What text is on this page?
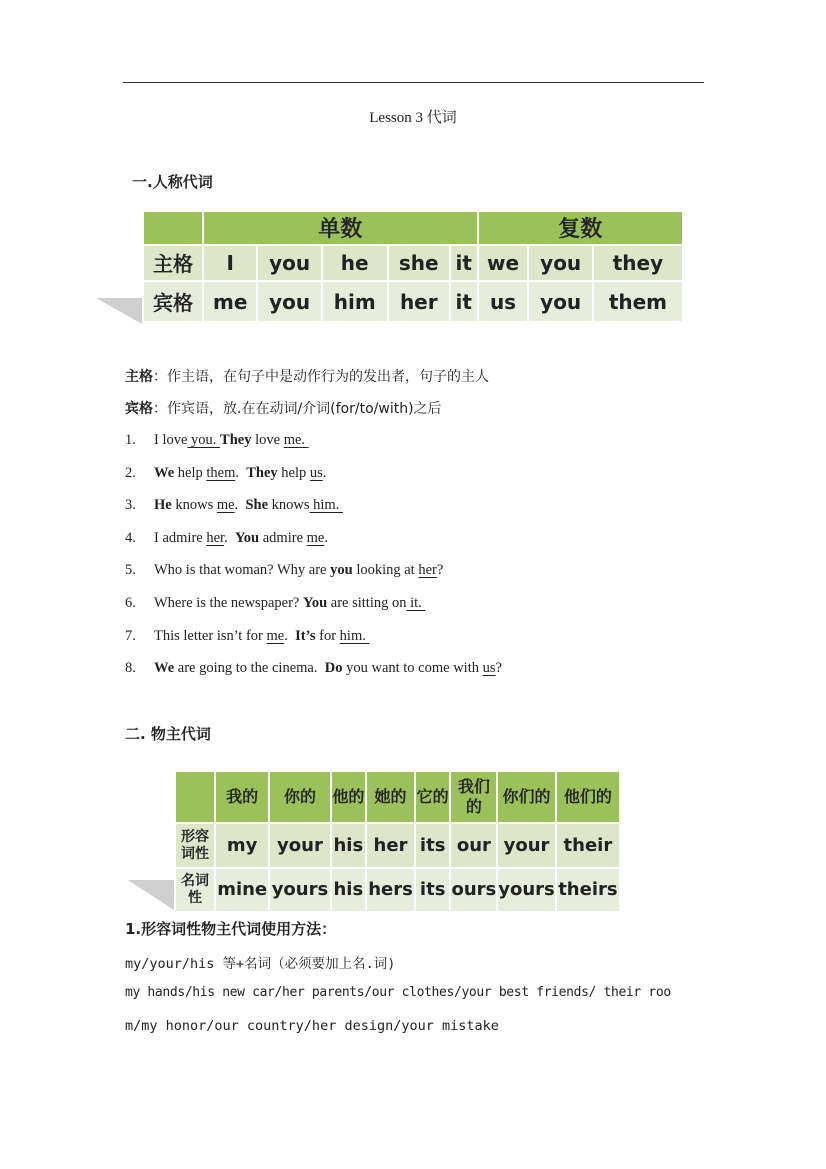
Lesson 3 代词
一.人称代词
	单数					复数		
主格	I	you	he	she	it	we	you	they
宾格	me	you	him	her	it	us	you	them
主格：作主语，在句子中是动作行为的发出者，句子的主人
宾格：作宾语，放.在在动词/介词(for/to/with)之后
1. I love you. They love me.
2. We help them.  They help us.
3. He knows me.  She knows him.
4. I admire her.  You admire me.
5. Who is that woman? Why are you looking at her?
6. Where is the newspaper? You are sitting on it.
7. This letter isn’t for me.  It’s for him.
8. We are going to the cinema.  Do you want to come with us?
二. 物主代词
	我的	你的	他的	她的	它的	我们的	你们的	他们的
形容词性	my	your	his	her	its	our	your	their
名词性	mine	yours	his	hers	its	ours	yours	theirs
1.形容词性物主代词使用方法：
my/your/his 等+名词（必须要加上名.词)
my hands/his new car/her parents/our clothes/your best friends/ their roo
m/my honor/our country/her design/your mistake
